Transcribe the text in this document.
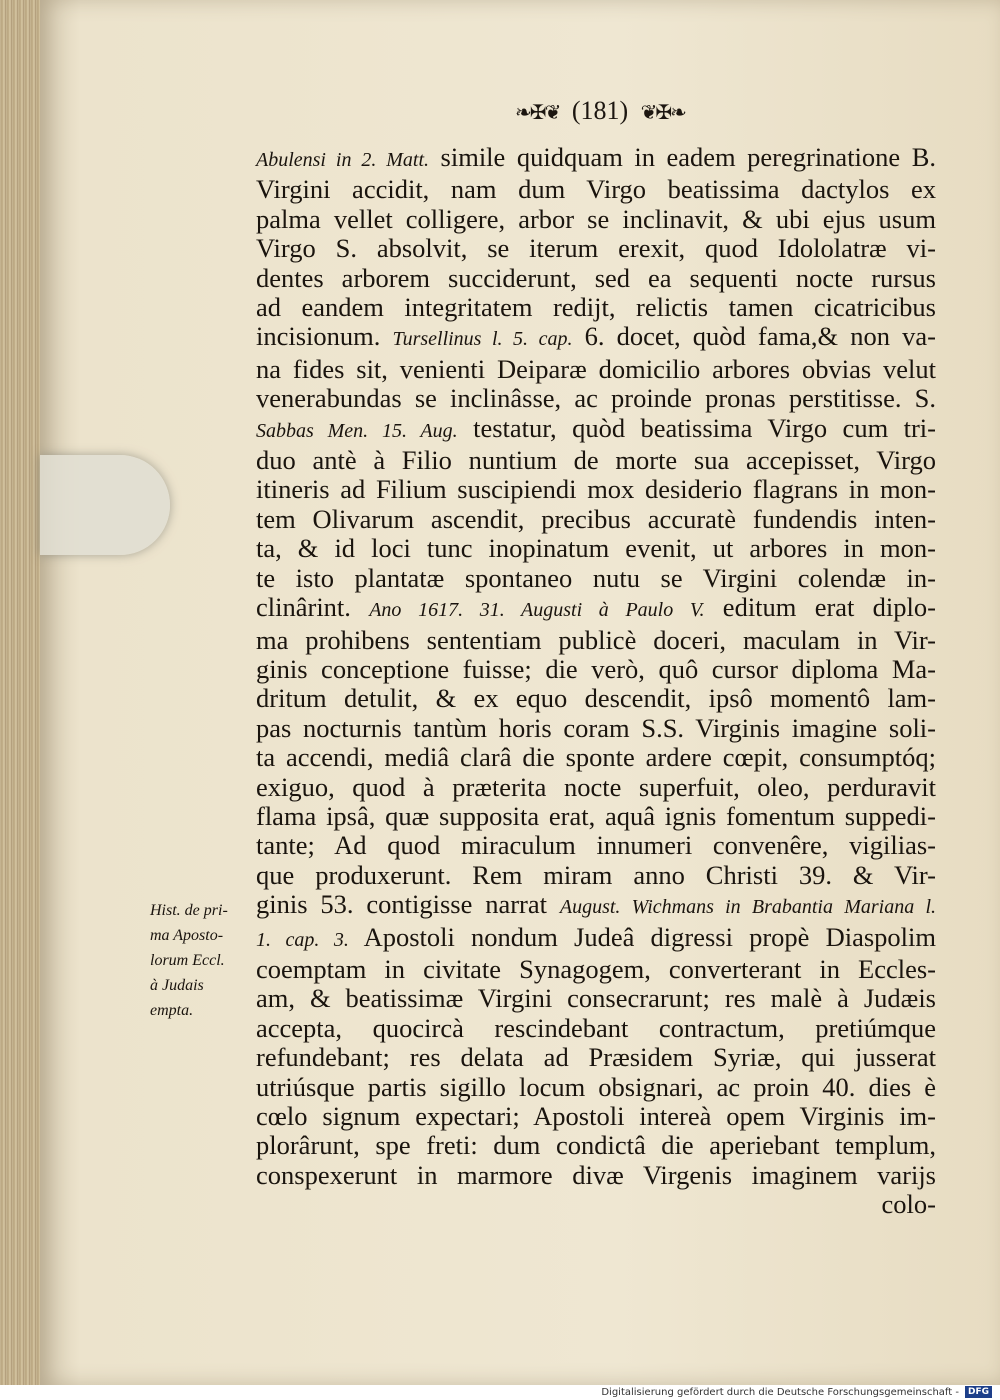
❧✠❦ (181) ❦✠❧
Hist. de pri-
ma Aposto-
lorum Eccl.
à Judais
empta.
Abulensi in 2. Matt. simile quidquam in eadem peregrinatione B.
Virgini accidit, nam dum Virgo beatissima dactylos ex
palma vellet colligere, arbor se inclinavit, & ubi ejus usum
Virgo S. absolvit, se iterum erexit, quod Idololatræ vi-
dentes arborem succiderunt, sed ea sequenti nocte rursus
ad eandem integritatem redijt, relictis tamen cicatricibus
incisionum. Tursellinus l. 5. cap. 6. docet, quòd fama,& non va-
na fides sit, venienti Deiparæ domicilio arbores obvias velut
venerabundas se inclinâsse, ac proinde pronas perstitisse. S.
Sabbas Men. 15. Aug. testatur, quòd beatissima Virgo cum tri-
duo antè à Filio nuntium de morte sua accepisset, Virgo
itineris ad Filium suscipiendi mox desiderio flagrans in mon-
tem Olivarum ascendit, precibus accuratè fundendis inten-
ta, & id loci tunc inopinatum evenit, ut arbores in mon-
te isto plantatæ spontaneo nutu se Virgini colendæ in-
clinârint. Ano 1617. 31. Augusti à Paulo V. editum erat diplo-
ma prohibens sententiam publicè doceri, maculam in Vir-
ginis conceptione fuisse; die verò, quô cursor diploma Ma-
dritum detulit, & ex equo descendit, ipsô momentô lam-
pas nocturnis tantùm horis coram S.S. Virginis imagine soli-
ta accendi, mediâ clarâ die sponte ardere cœpit, consumptóq;
exiguo, quod à præterita nocte superfuit, oleo, perduravit
flama ipsâ, quæ supposita erat, aquâ ignis fomentum suppedi-
tante; Ad quod miraculum innumeri convenêre, vigilias-
que produxerunt. Rem miram anno Christi 39. & Vir-
ginis 53. contigisse narrat August. Wichmans in Brabantia Mariana l.
1. cap. 3. Apostoli nondum Judeâ digressi propè Diaspolim
coemptam in civitate Synagogem, converterant in Eccles-
am, & beatissimæ Virgini consecrarunt; res malè à Judæis
accepta, quocircà rescindebant contractum, pretiúmque
refundebant; res delata ad Præsidem Syriæ, qui jusserat
utriúsque partis sigillo locum obsignari, ac proin 40. dies è
cœlo signum expectari; Apostoli intereà opem Virginis im-
plorârunt, spe freti: dum condictâ die aperiebant templum,
conspexerunt in marmore divæ Virgenis imaginem varijs
colo-
Digitalisierung gefördert durch die Deutsche Forschungsgemeinschaft - DFG
